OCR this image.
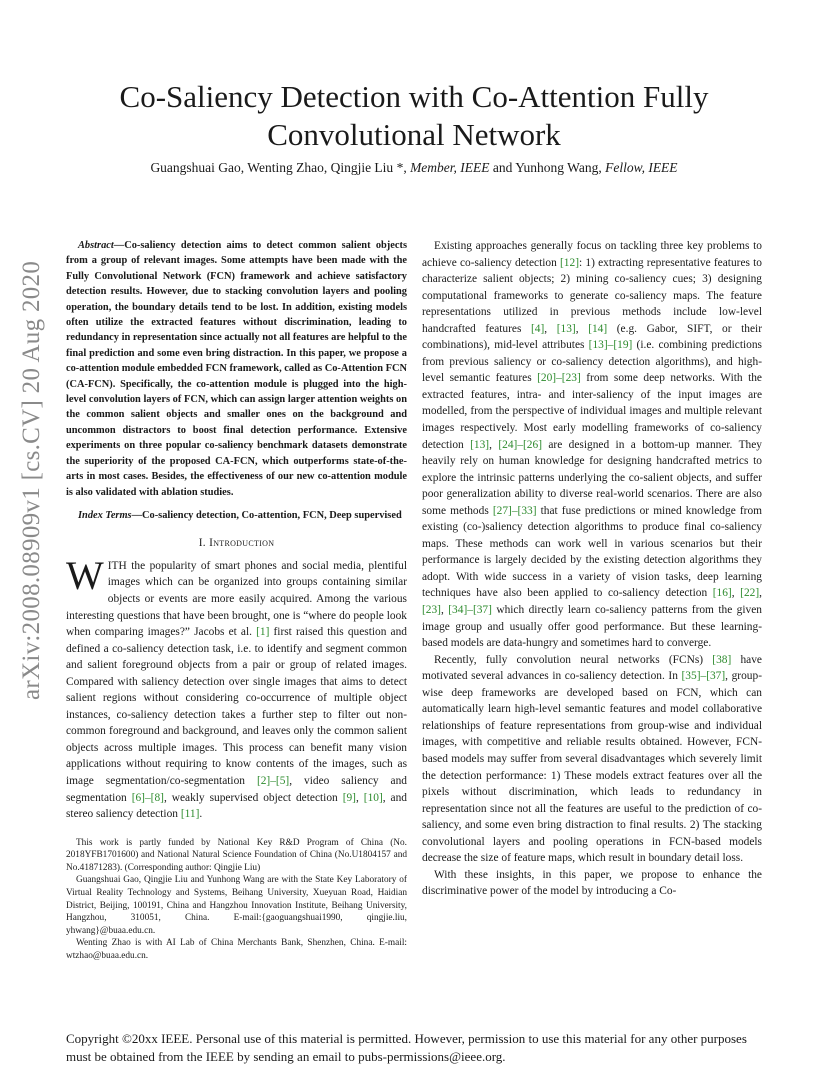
arXiv:2008.08909v1 [cs.CV] 20 Aug 2020
Co-Saliency Detection with Co-Attention Fully
Convolutional Network
Guangshuai Gao, Wenting Zhao, Qingjie Liu *, Member, IEEE and Yunhong Wang, Fellow, IEEE

Abstract—Co-saliency detection aims to detect common salient objects from a group of relevant images. Some attempts have been made with the Fully Convolutional Network (FCN) framework and achieve satisfactory detection results. However, due to stacking convolution layers and pooling operation, the boundary details tend to be lost. In addition, existing models often utilize the extracted features without discrimination, leading to redundancy in representation since actually not all features are helpful to the final prediction and some even bring distraction. In this paper, we propose a co-attention module embedded FCN framework, called as Co-Attention FCN (CA-FCN). Specifically, the co-attention module is plugged into the high-level convolution layers of FCN, which can assign larger attention weights on the common salient objects and smaller ones on the background and uncommon distractors to boost final detection performance. Extensive experiments on three popular co-saliency benchmark datasets demonstrate the superiority of the proposed CA-FCN, which outperforms state-of-the-arts in most cases. Besides, the effectiveness of our new co-attention module is also validated with ablation studies.

Index Terms—Co-saliency detection, Co-attention, FCN, Deep supervised

I. Introduction

WITH the popularity of smart phones and social media, plentiful images which can be organized into groups containing similar objects or events are more easily acquired. Among the various interesting questions that have been brought, one is “where do people look when comparing images?” Jacobs et al. [1] first raised this question and defined a co-saliency detection task, i.e. to identify and segment common and salient foreground objects from a pair or group of related images. Compared with saliency detection over single images that aims to detect salient regions without considering co-occurrence of multiple object instances, co-saliency detection takes a further step to filter out non-common foreground and background, and leaves only the common salient objects across multiple images. This process can benefit many vision applications without requiring to know contents of the images, such as image segmentation/co-segmentation [2]–[5], video saliency and segmentation [6]–[8], weakly supervised object detection [9], [10], and stereo saliency detection [11].

This work is partly funded by National Key R&D Program of China (No. 2018YFB1701600) and National Natural Science Foundation of China (No.U1804157 and No.41871283). (Corresponding author: Qingjie Liu)

Guangshuai Gao, Qingjie Liu and Yunhong Wang are with the State Key Laboratory of Virtual Reality Technology and Systems, Beihang University, Xueyuan Road, Haidian District, Beijing, 100191, China and Hangzhou Innovation Institute, Beihang University, Hangzhou, 310051, China. E-mail:{gaoguangshuai1990, qingjie.liu, yhwang}@buaa.edu.cn.

Wenting Zhao is with AI Lab of China Merchants Bank, Shenzhen, China. E-mail: wtzhao@buaa.edu.cn.

Existing approaches generally focus on tackling three key problems to achieve co-saliency detection [12]: 1) extracting representative features to characterize salient objects; 2) mining co-saliency cues; 3) designing computational frameworks to generate co-saliency maps. The feature representations utilized in previous methods include low-level handcrafted features [4], [13], [14] (e.g. Gabor, SIFT, or their combinations), mid-level attributes [13]–[19] (i.e. combining predictions from previous saliency or co-saliency detection algorithms), and high-level semantic features [20]–[23] from some deep networks. With the extracted features, intra- and inter-saliency of the input images are modelled, from the perspective of individual images and multiple relevant images respectively. Most early modelling frameworks of co-saliency detection [13], [24]–[26] are designed in a bottom-up manner. They heavily rely on human knowledge for designing handcrafted metrics to explore the intrinsic patterns underlying the co-salient objects, and suffer poor generalization ability to diverse real-world scenarios. There are also some methods [27]–[33] that fuse predictions or mined knowledge from existing (co-)saliency detection algorithms to produce final co-saliency maps. These methods can work well in various scenarios but their performance is largely decided by the existing detection algorithms they adopt. With wide success in a variety of vision tasks, deep learning techniques have also been applied to co-saliency detection [16], [22], [23], [34]–[37] which directly learn co-saliency patterns from the given image group and usually offer good performance. But these learning-based models are data-hungry and sometimes hard to converge.

Recently, fully convolution neural networks (FCNs) [38] have motivated several advances in co-saliency detection. In [35]–[37], group-wise deep frameworks are developed based on FCN, which can automatically learn high-level semantic features and model collaborative relationships of feature representations from group-wise and individual images, with competitive and reliable results obtained. However, FCN-based models may suffer from several disadvantages which severely limit the detection performance: 1) These models extract features over all the pixels without discrimination, which leads to redundancy in representation since not all the features are useful to the prediction of co-saliency, and some even bring distraction to final results. 2) The stacking convolutional layers and pooling operations in FCN-based models decrease the size of feature maps, which result in boundary detail loss.

With these insights, in this paper, we propose to enhance the discriminative power of the model by introducing a Co-

Copyright ©20xx IEEE. Personal use of this material is permitted. However, permission to use this material for any other purposes must be obtained from the IEEE by sending an email to pubs-permissions@ieee.org.
